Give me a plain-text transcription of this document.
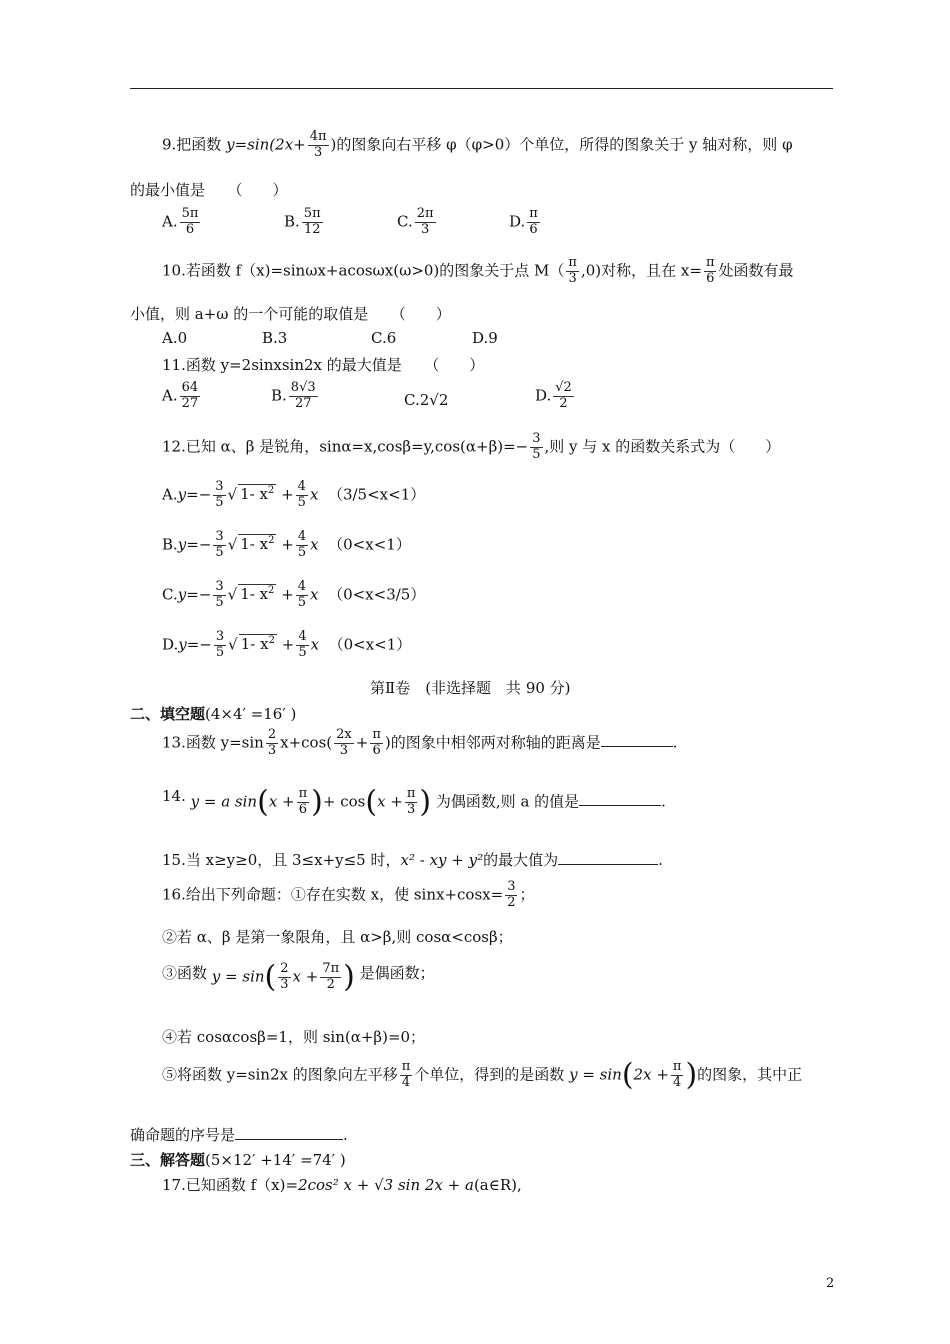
9.把函数 $y=\sin(2x+ \frac{4\pi}{3}$ )的图象向右平移 φ（φ>0）个单位，所得的图象关于 y 轴对称，则 φ
的最小值是　　（　　）
A. $\frac{5\pi}{6}$	B. $\frac{5\pi}{12}$	C. $\frac{2\pi}{3}$	D. $\frac{\pi}{6}$
10.若函数 f（x)=sinωx+acosωx(ω>0)的图象关于点 $M( \frac{\pi}{3} ,0)$对称，且在 $x= \frac{\pi}{6}$ 处函数有最
小值，则 a+ω 的一个可能的取值是　　（　　）
A.0	B.3	C.6	D.9
11.函数 y=2sinxsin2x 的最大值是　　（　　）
A. $\frac{64}{27}$	B. $\frac{8√3}{27}$	C.2√2	D. $\frac{√2}{2}$
12.已知 α、β 是锐角，$\sin\alpha=x,\cos\beta=y,\cos(\alpha+\beta)=- \frac{3}{5}$ ,则 y 与 x 的函数关系式为（　　）
$A.y=- \frac{3}{5}$ √ 1- $x^2 + \frac{4}{5}$ x （3/5<x<1）
$B.y=- \frac{3}{5}$ √ 1- $x^2 + \frac{4}{5}$ x （0<x<1）
$C.y=- \frac{3}{5}$ √ 1- $x^2 + \frac{4}{5}$ x （0<x<3/5）
$D.y=- \frac{3}{5}$ √ 1- $x^2 + \frac{4}{5}$ x （0<x<1）
第Ⅱ卷　(非选择题　共 90 分)
二、填空题(4×4′ =16′ )
13.函数 $y=\sin \frac{2}{3} x+\cos( \frac{2x}{3} + \frac{\pi}{6}$ )的图象中相邻两对称轴的距离是	.
14. y = a $\sin(x + \frac{\pi}{6}$ )+ $\cos(x + \frac{\pi}{3}$ ) 为偶函数,则 a 的值是	.
15.当 x≥y≥0，且 3≤x+y≤5 时，x² - xy + y²的最大值为	.
16.给出下列命题：①存在实数 x，使 $\sin x+\cos x= \frac{3}{2}$ ；
②若 α、β 是第一象限角，且 α>β,则 cosα<cosβ；
③函数 $y = \sin( \frac{2}{3}$ $x + \frac{7\pi}{2}$ ) 是偶函数；
④若 cosαcosβ=1，则 sin(α+β)=0；
⑤将函数 y=sin2x 的图象向左平移 $\frac{\pi}{4}$ 个单位，得到的是函数 $y = \sin(2x + \frac{\pi}{4}$ )的图象，其中正
确命题的序号是	.
三、解答题(5×12′ +14′ =74′ )
17.已知函数 f（x)=2cos² x + √3 sin 2x + a(a∈R),
2
